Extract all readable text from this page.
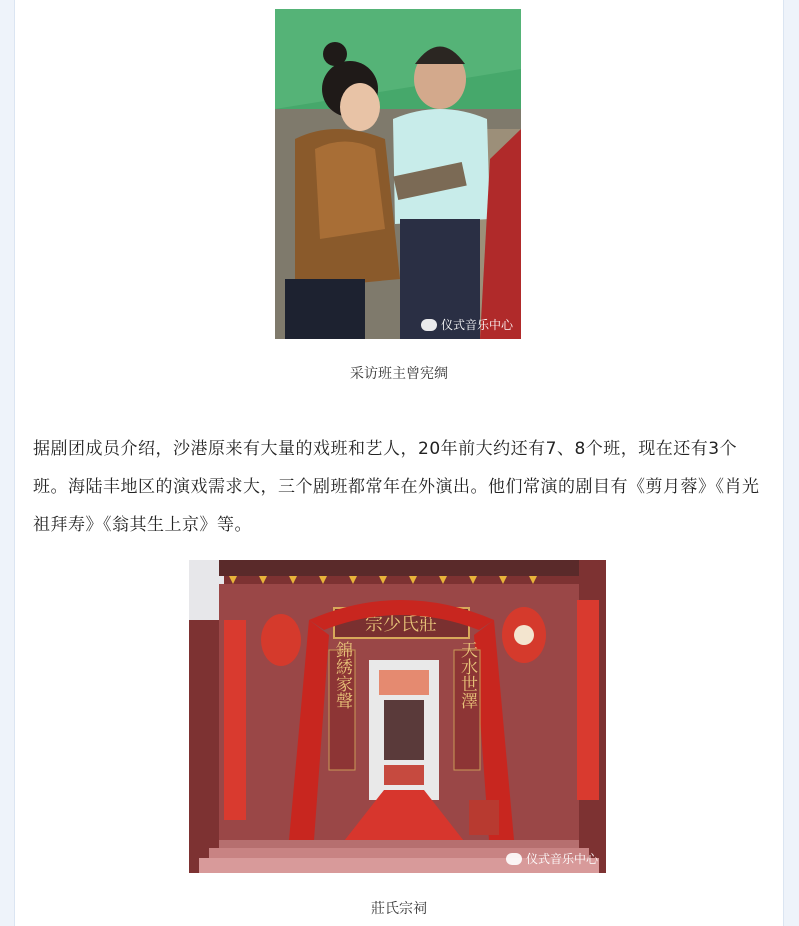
仪式音乐中心
采访班主曾宪绸
据剧团成员介绍，沙港原来有大量的戏班和艺人，20年前大约还有7、8个班，现在还有3个班。海陆丰地区的演戏需求大，三个剧班都常年在外演出。他们常演的剧目有《剪月蓉》《肖光祖拜寿》《翁其生上京》等。
宗少氏莊
錦綉家聲	天水世澤
仪式音乐中心
莊氏宗祠
